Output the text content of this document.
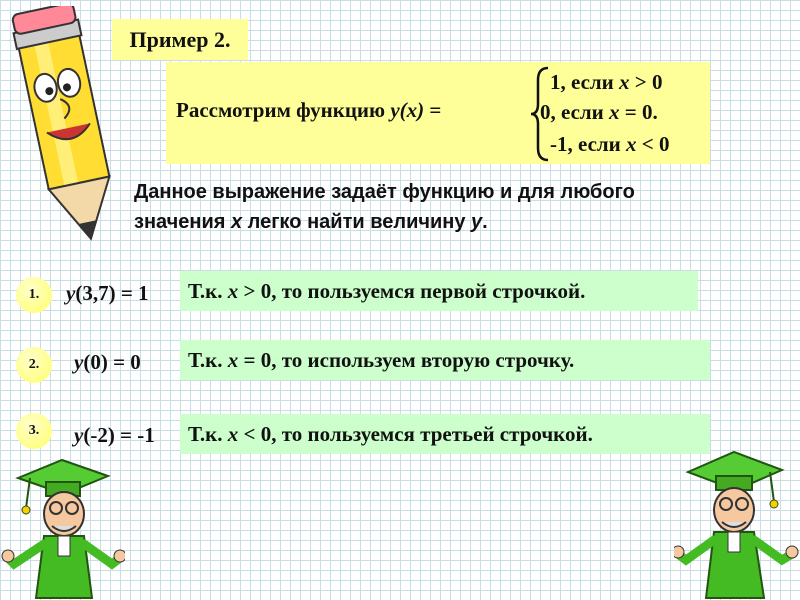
Пример 2.
Рассмотрим функцию y(x) =
1, если x > 0
0, если x = 0.
-1, если x < 0
Данное выражение задаёт функцию и для любого
значения x легко найти величину y.
1.	y(3,7) = 1	Т.к. x > 0, то пользуемся первой строчкой.
2.	y(0) = 0	Т.к. x = 0, то используем вторую строчку.
3.	y(-2) = -1	Т.к. x < 0, то пользуемся третьей строчкой.
